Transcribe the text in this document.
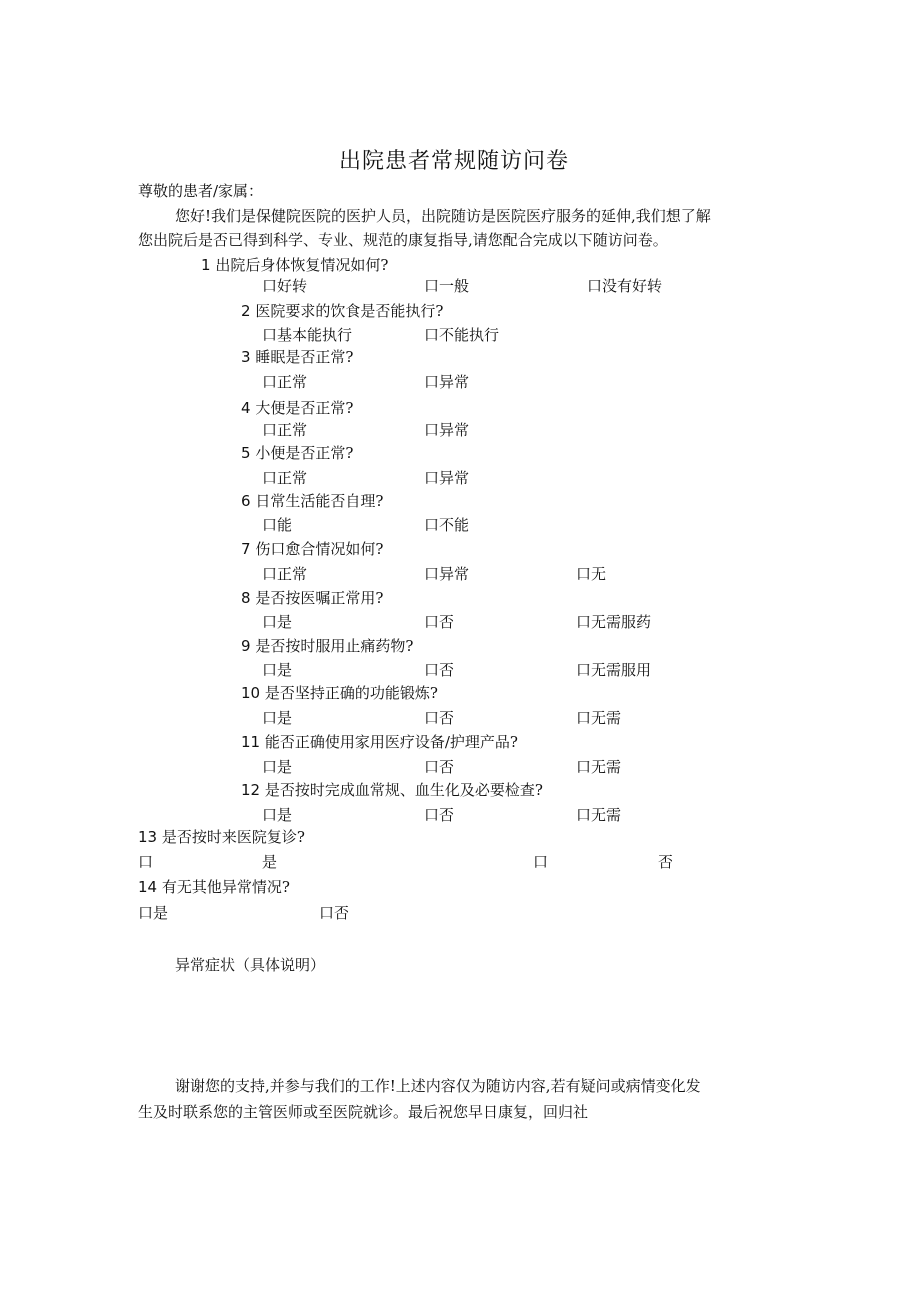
出院患者常规随访问卷
尊敬的患者/家属：
您好!我们是保健院医院的医护人员，出院随访是医院医疗服务的延伸,我们想了解
您出院后是否已得到科学、专业、规范的康复指导,请您配合完成以下随访问卷。
1 出院后身体恢复情况如何?
口好转	口一般	口没有好转
2 医院要求的饮食是否能执行?
口基本能执行	口不能执行
3 睡眠是否正常?
口正常	口异常
4 大便是否正常?
口正常	口异常
5 小便是否正常?
口正常	口异常
6 日常生活能否自理?
口能	口不能
7 伤口愈合情况如何?
口正常	口异常	口无
8 是否按医嘱正常用?
口是	口否	口无需服药
9 是否按时服用止痛药物?
口是	口否	口无需服用
10 是否坚持正确的功能锻炼?
口是	口否	口无需
11 能否正确使用家用医疗设备/护理产品?
口是	口否	口无需
12 是否按时完成血常规、血生化及必要检查?
口是	口否	口无需
13 是否按时来医院复诊?
口	是	口	否
14 有无其他异常情况?
口是	口否
异常症状（具体说明）
谢谢您的支持,并参与我们的工作!上述内容仅为随访内容,若有疑问或病情变化发
生及时联系您的主管医师或至医院就诊。最后祝您早日康复，回归社
